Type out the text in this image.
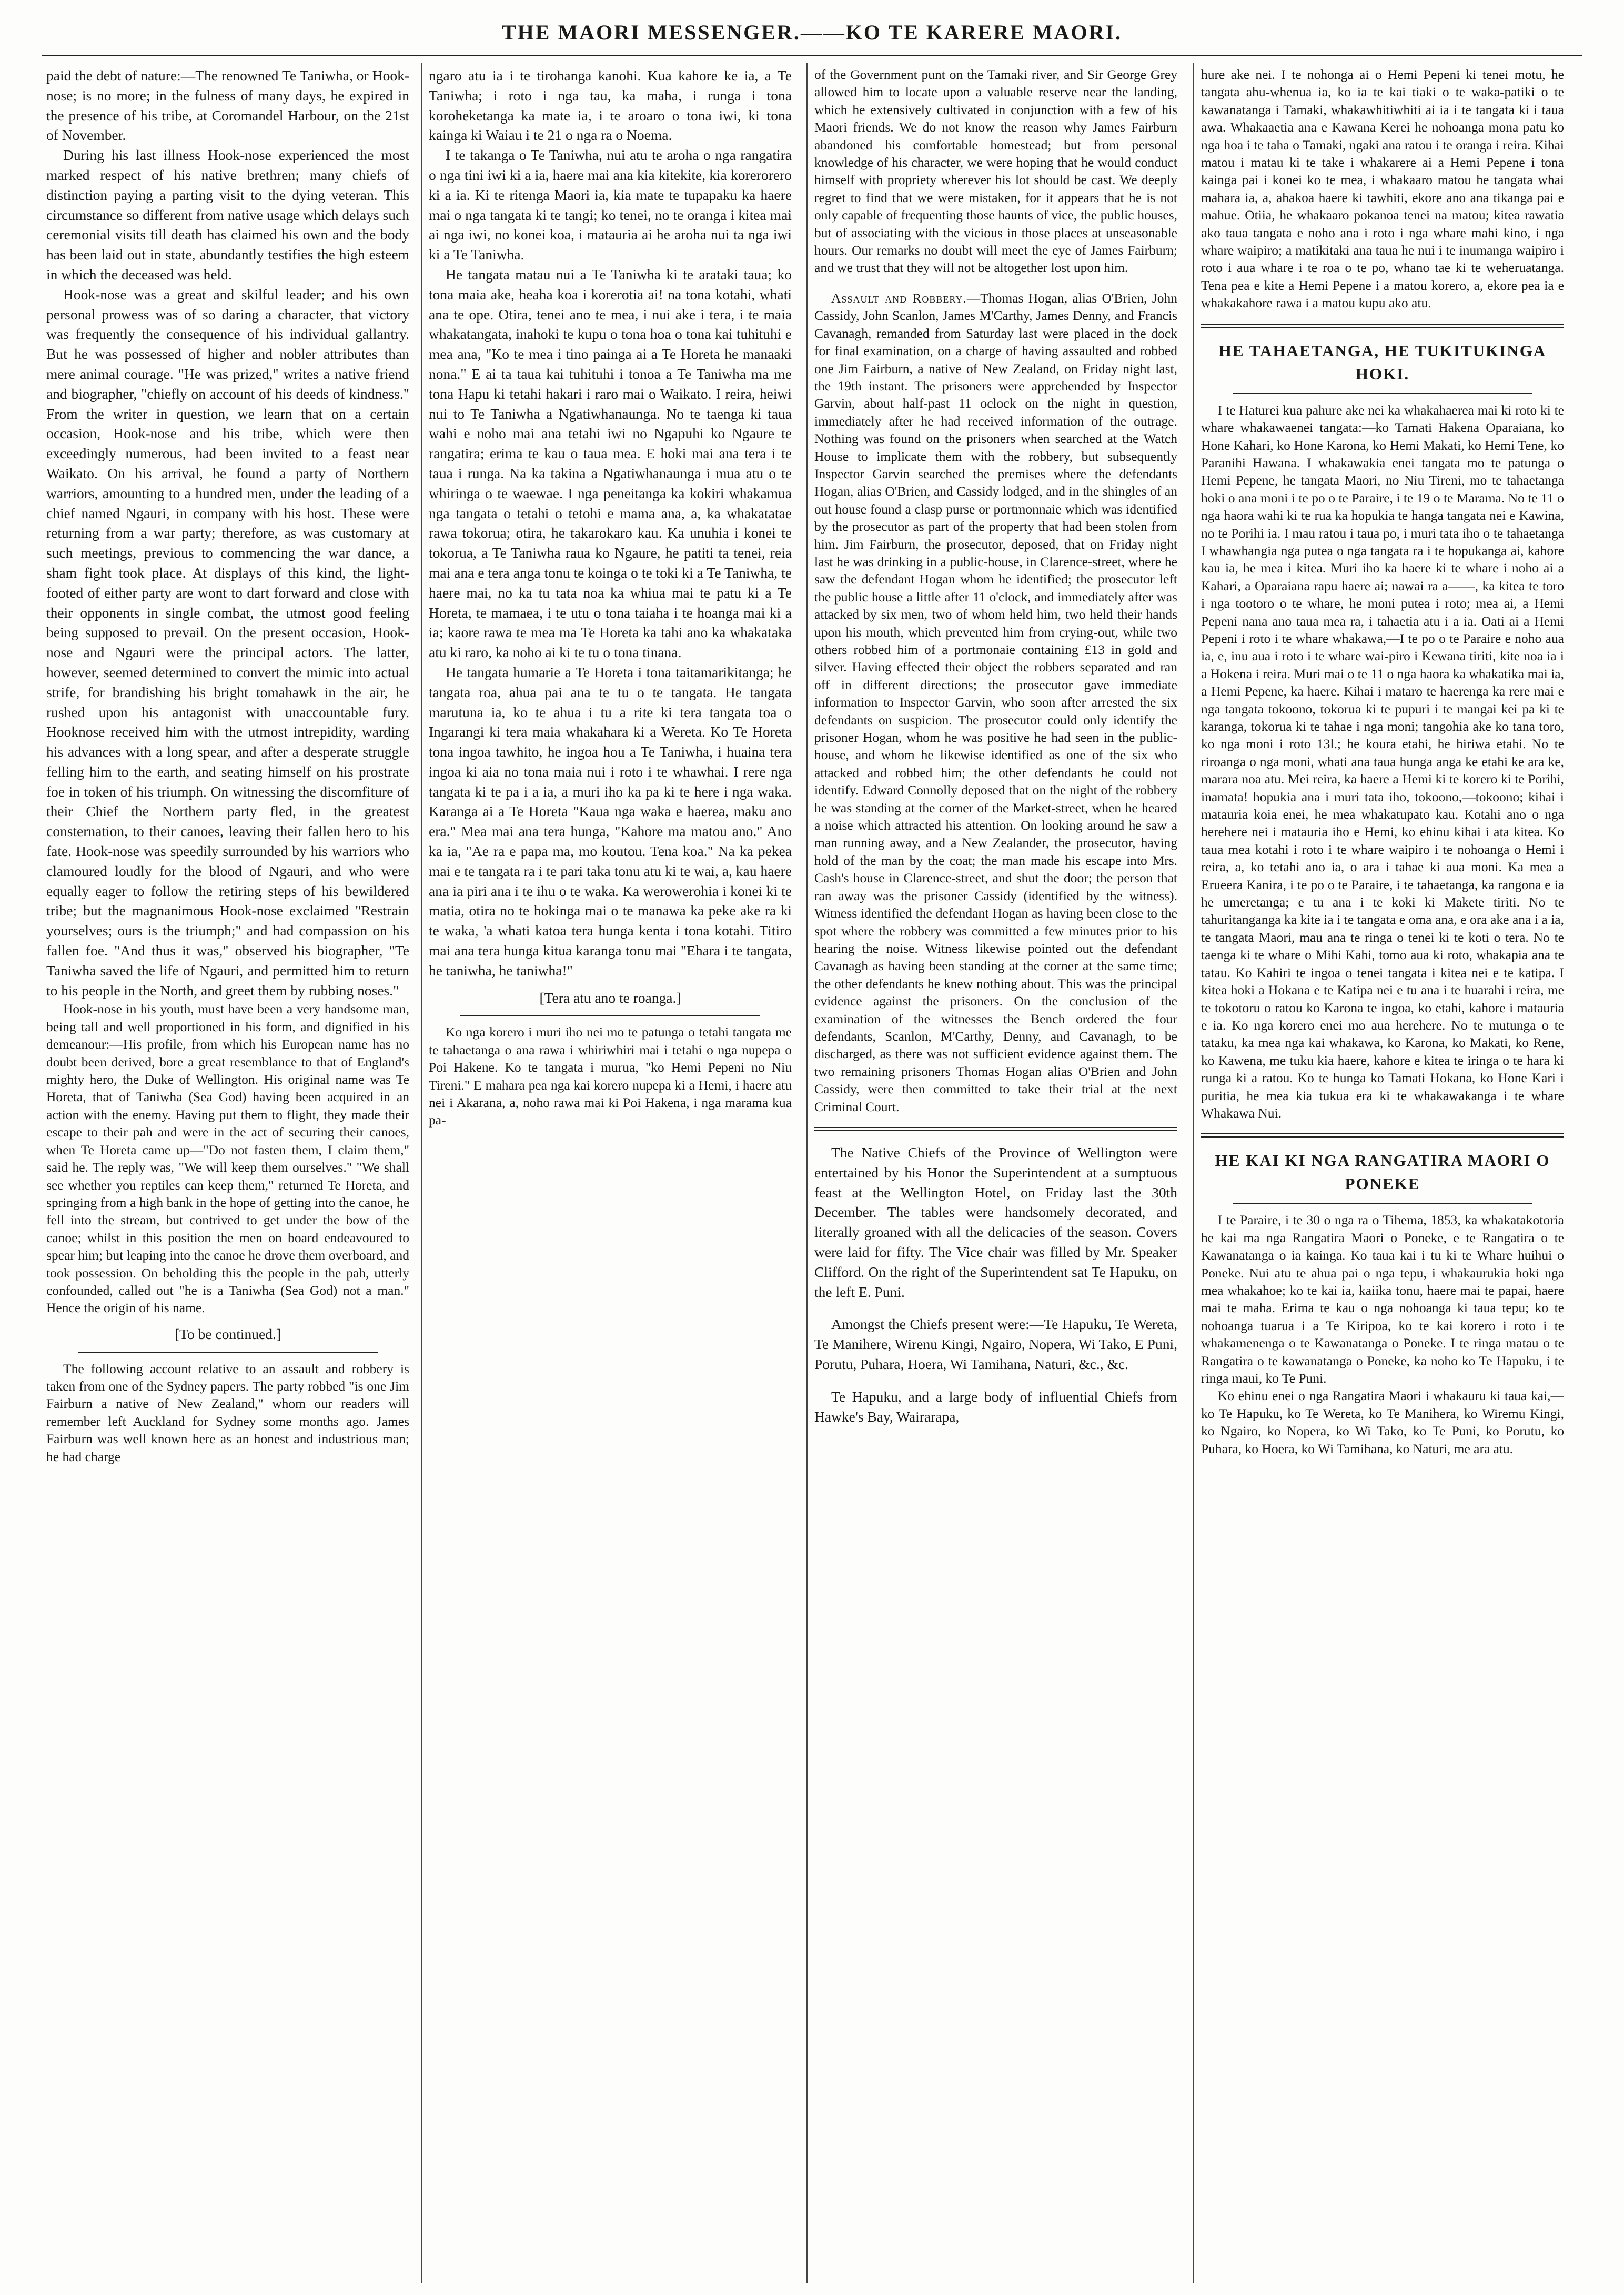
THE MAORI MESSENGER.——KO TE KARERE MAORI.

paid the debt of nature:—The renowned Te Taniwha, or Hook-nose; is no more; in the fulness of many days, he expired in the presence of his tribe, at Coromandel Harbour, on the 21st of November.

During his last illness Hook-nose experienced the most marked respect of his native brethren; many chiefs of distinction paying a parting visit to the dying veteran. This circumstance so different from native usage which delays such ceremonial visits till death has claimed his own and the body has been laid out in state, abundantly testifies the high esteem in which the deceased was held.

Hook-nose was a great and skilful leader; and his own personal prowess was of so daring a character, that victory was frequently the consequence of his individual gallantry. But he was possessed of higher and nobler attributes than mere animal courage. "He was prized," writes a native friend and biographer, "chiefly on account of his deeds of kindness." From the writer in question, we learn that on a certain occasion, Hook-nose and his tribe, which were then exceedingly numerous, had been invited to a feast near Waikato. On his arrival, he found a party of Northern warriors, amounting to a hundred men, under the leading of a chief named Ngauri, in company with his host. These were returning from a war party; therefore, as was customary at such meetings, previous to commencing the war dance, a sham fight took place. At displays of this kind, the light-footed of either party are wont to dart forward and close with their opponents in single combat, the utmost good feeling being supposed to prevail. On the present occasion, Hook-nose and Ngauri were the principal actors. The latter, however, seemed determined to convert the mimic into actual strife, for brandishing his bright tomahawk in the air, he rushed upon his antagonist with unaccountable fury. Hooknose received him with the utmost intrepidity, warding his advances with a long spear, and after a desperate struggle felling him to the earth, and seating himself on his prostrate foe in token of his triumph. On witnessing the discomfiture of their Chief the Northern party fled, in the greatest consternation, to their canoes, leaving their fallen hero to his fate. Hook-nose was speedily surrounded by his warriors who clamoured loudly for the blood of Ngauri, and who were equally eager to follow the retiring steps of his bewildered tribe; but the magnanimous Hook-nose exclaimed "Restrain yourselves; ours is the triumph;" and had compassion on his fallen foe. "And thus it was," observed his biographer, "Te Taniwha saved the life of Ngauri, and permitted him to return to his people in the North, and greet them by rubbing noses."

Hook-nose in his youth, must have been a very handsome man, being tall and well proportioned in his form, and dignified in his demeanour:—His profile, from which his European name has no doubt been derived, bore a great resemblance to that of England's mighty hero, the Duke of Wellington. His original name was Te Horeta, that of Taniwha (Sea God) having been acquired in an action with the enemy. Having put them to flight, they made their escape to their pah and were in the act of securing their canoes, when Te Horeta came up—"Do not fasten them, I claim them," said he. The reply was, "We will keep them ourselves." "We shall see whether you reptiles can keep them," returned Te Horeta, and springing from a high bank in the hope of getting into the canoe, he fell into the stream, but contrived to get under the bow of the canoe; whilst in this position the men on board endeavoured to spear him; but leaping into the canoe he drove them overboard, and took possession. On beholding this the people in the pah, utterly confounded, called out "he is a Taniwha (Sea God) not a man." Hence the origin of his name.

[To be continued.]

The following account relative to an assault and robbery is taken from one of the Sydney papers. The party robbed "is one Jim Fairburn a native of New Zealand," whom our readers will remember left Auckland for Sydney some months ago. James Fairburn was well known here as an honest and industrious man; he had charge

ngaro atu ia i te tirohanga kanohi. Kua kahore ke ia, a Te Taniwha; i roto i nga tau, ka maha, i runga i tona koroheketanga ka mate ia, i te aroaro o tona iwi, ki tona kainga ki Waiau i te 21 o nga ra o Noema.

I te takanga o Te Taniwha, nui atu te aroha o nga rangatira o nga tini iwi ki a ia, haere mai ana kia kitekite, kia korerorero ki a ia. Ki te ritenga Maori ia, kia mate te tupapaku ka haere mai o nga tangata ki te tangi; ko tenei, no te oranga i kitea mai ai nga iwi, no konei koa, i matauria ai he aroha nui ta nga iwi ki a Te Taniwha.

He tangata matau nui a Te Taniwha ki te arataki taua; ko tona maia ake, heaha koa i korerotia ai! na tona kotahi, whati ana te ope. Otira, tenei ano te mea, i nui ake i tera, i te maia whakatangata, inahoki te kupu o tona hoa o tona kai tuhituhi e mea ana, "Ko te mea i tino painga ai a Te Horeta he manaaki nona." E ai ta taua kai tuhituhi i tonoa a Te Taniwha ma me tona Hapu ki tetahi hakari i raro mai o Waikato. I reira, heiwi nui to Te Taniwha a Ngatiwhanaunga. No te taenga ki taua wahi e noho mai ana tetahi iwi no Ngapuhi ko Ngaure te rangatira; erima te kau o taua mea. E hoki mai ana tera i te taua i runga. Na ka takina a Ngatiwhanaunga i mua atu o te whiringa o te waewae. I nga peneitanga ka kokiri whakamua nga tangata o tetahi o tetohi e mama ana, a, ka whakatatae rawa tokorua; otira, he takarokaro kau. Ka unuhia i konei te tokorua, a Te Taniwha raua ko Ngaure, he patiti ta tenei, reia mai ana e tera anga tonu te koinga o te toki ki a Te Taniwha, te haere mai, no ka tu tata noa ka whiua mai te patu ki a Te Horeta, te mamaea, i te utu o tona taiaha i te hoanga mai ki a ia; kaore rawa te mea ma Te Horeta ka tahi ano ka whakataka atu ki raro, ka noho ai ki te tu o tona tinana.

He tangata humarie a Te Horeta i tona taitamarikitanga; he tangata roa, ahua pai ana te tu o te tangata. He tangata marutuna ia, ko te ahua i tu a rite ki tera tangata toa o Ingarangi ki tera maia whakahara ki a Wereta. Ko Te Horeta tona ingoa tawhito, he ingoa hou a Te Taniwha, i huaina tera ingoa ki aia no tona maia nui i roto i te whawhai. I rere nga tangata ki te pa i a ia, a muri iho ka pa ki te here i nga waka. Karanga ai a Te Horeta "Kaua nga waka e haerea, maku ano era." Mea mai ana tera hunga, "Kahore ma matou ano." Ano ka ia, "Ae ra e papa ma, mo koutou. Tena koa." Na ka pekea mai e te tangata ra i te pari taka tonu atu ki te wai, a, kau haere ana ia piri ana i te ihu o te waka. Ka werowerohia i konei ki te matia, otira no te hokinga mai o te manawa ka peke ake ra ki te waka, 'a whati katoa tera hunga kenta i tona kotahi. Titiro mai ana tera hunga kitua karanga tonu mai "Ehara i te tangata, he taniwha, he taniwha!"

[Tera atu ano te roanga.]

Ko nga korero i muri iho nei mo te patunga o tetahi tangata me te tahaetanga o ana rawa i whiriwhiri mai i tetahi o nga nupepa o Poi Hakene. Ko te tangata i murua, "ko Hemi Pepeni no Niu Tireni." E mahara pea nga kai korero nupepa ki a Hemi, i haere atu nei i Akarana, a, noho rawa mai ki Poi Hakena, i nga marama kua pa-

of the Government punt on the Tamaki river, and Sir George Grey allowed him to locate upon a valuable reserve near the landing, which he extensively cultivated in conjunction with a few of his Maori friends. We do not know the reason why James Fairburn abandoned his comfortable homestead; but from personal knowledge of his character, we were hoping that he would conduct himself with propriety wherever his lot should be cast. We deeply regret to find that we were mistaken, for it appears that he is not only capable of frequenting those haunts of vice, the public houses, but of associating with the vicious in those places at unseasonable hours. Our remarks no doubt will meet the eye of James Fairburn; and we trust that they will not be altogether lost upon him.

Assault and Robbery.—Thomas Hogan, alias O'Brien, John Cassidy, John Scanlon, James M'Carthy, James Denny, and Francis Cavanagh, remanded from Saturday last were placed in the dock for final examination, on a charge of having assaulted and robbed one Jim Fairburn, a native of New Zealand, on Friday night last, the 19th instant. The prisoners were apprehended by Inspector Garvin, about half-past 11 oclock on the night in question, immediately after he had received information of the outrage. Nothing was found on the prisoners when searched at the Watch House to implicate them with the robbery, but subsequently Inspector Garvin searched the premises where the defendants Hogan, alias O'Brien, and Cassidy lodged, and in the shingles of an out house found a clasp purse or portmonnaie which was identified by the prosecutor as part of the property that had been stolen from him. Jim Fairburn, the prosecutor, deposed, that on Friday night last he was drinking in a public-house, in Clarence-street, where he saw the defendant Hogan whom he identified; the prosecutor left the public house a little after 11 o'clock, and immediately after was attacked by six men, two of whom held him, two held their hands upon his mouth, which prevented him from crying-out, while two others robbed him of a portmonaie containing £13 in gold and silver. Having effected their object the robbers separated and ran off in different directions; the prosecutor gave immediate information to Inspector Garvin, who soon after arrested the six defendants on suspicion. The prosecutor could only identify the prisoner Hogan, whom he was positive he had seen in the public-house, and whom he likewise identified as one of the six who attacked and robbed him; the other defendants he could not identify. Edward Connolly deposed that on the night of the robbery he was standing at the corner of the Market-street, when he heared a noise which attracted his attention. On looking around he saw a man running away, and a New Zealander, the prosecutor, having hold of the man by the coat; the man made his escape into Mrs. Cash's house in Clarence-street, and shut the door; the person that ran away was the prisoner Cassidy (identified by the witness). Witness identified the defendant Hogan as having been close to the spot where the robbery was committed a few minutes prior to his hearing the noise. Witness likewise pointed out the defendant Cavanagh as having been standing at the corner at the same time; the other defendants he knew nothing about. This was the principal evidence against the prisoners. On the conclusion of the examination of the witnesses the Bench ordered the four defendants, Scanlon, M'Carthy, Denny, and Cavanagh, to be discharged, as there was not sufficient evidence against them. The two remaining prisoners Thomas Hogan alias O'Brien and John Cassidy, were then committed to take their trial at the next Criminal Court.

The Native Chiefs of the Province of Wellington were entertained by his Honor the Superintendent at a sumptuous feast at the Wellington Hotel, on Friday last the 30th December. The tables were handsomely decorated, and literally groaned with all the delicacies of the season. Covers were laid for fifty. The Vice chair was filled by Mr. Speaker Clifford. On the right of the Superintendent sat Te Hapuku, on the left E. Puni.

Amongst the Chiefs present were:—Te Hapuku, Te Wereta, Te Manihere, Wirenu Kingi, Ngairo, Nopera, Wi Tako, E Puni, Porutu, Puhara, Hoera, Wi Tamihana, Naturi, &c., &c.

Te Hapuku, and a large body of influential Chiefs from Hawke's Bay, Wairarapa,

hure ake nei. I te nohonga ai o Hemi Pepeni ki tenei motu, he tangata ahu-whenua ia, ko ia te kai tiaki o te waka-patiki o te kawanatanga i Tamaki, whakawhitiwhiti ai ia i te tangata ki i taua awa. Whakaaetia ana e Kawana Kerei he nohoanga mona patu ko nga hoa i te taha o Tamaki, ngaki ana ratou i te oranga i reira. Kihai matou i matau ki te take i whakarere ai a Hemi Pepene i tona kainga pai i konei ko te mea, i whakaaro matou he tangata whai mahara ia, a, ahakoa haere ki tawhiti, ekore ano ana tikanga pai e mahue. Otiia, he whakaaro pokanoa tenei na matou; kitea rawatia ako taua tangata e noho ana i roto i nga whare mahi kino, i nga whare waipiro; a matikitaki ana taua he nui i te inumanga waipiro i roto i aua whare i te roa o te po, whano tae ki te weheruatanga. Tena pea e kite a Hemi Pepene i a matou korero, a, ekore pea ia e whakakahore rawa i a matou kupu ako atu.

HE TAHAETANGA, HE TUKITUKINGA HOKI.

I te Haturei kua pahure ake nei ka whakahaerea mai ki roto ki te whare whakawaenei tangata:—ko Tamati Hakena Oparaiana, ko Hone Kahari, ko Hone Karona, ko Hemi Makati, ko Hemi Tene, ko Paranihi Hawana. I whakawakia enei tangata mo te patunga o Hemi Pepene, he tangata Maori, no Niu Tireni, mo te tahaetanga hoki o ana moni i te po o te Paraire, i te 19 o te Marama. No te 11 o nga haora wahi ki te rua ka hopukia te hanga tangata nei e Kawina, no te Porihi ia. I mau ratou i taua po, i muri tata iho o te tahaetanga I whawhangia nga putea o nga tangata ra i te hopukanga ai, kahore kau ia, he mea i kitea. Muri iho ka haere ki te whare i noho ai a Kahari, a Oparaiana rapu haere ai; nawai ra a——, ka kitea te toro i nga tootoro o te whare, he moni putea i roto; mea ai, a Hemi Pepeni nana ano taua mea ra, i tahaetia atu i a ia. Oati ai a Hemi Pepeni i roto i te whare whakawa,—I te po o te Paraire e noho aua ia, e, inu aua i roto i te whare wai-piro i Kewana tiriti, kite noa ia i a Hokena i reira. Muri mai o te 11 o nga haora ka whakatika mai ia, a Hemi Pepene, ka haere. Kihai i mataro te haerenga ka rere mai e nga tangata tokoono, tokorua ki te pupuri i te mangai kei pa ki te karanga, tokorua ki te tahae i nga moni; tangohia ake ko tana toro, ko nga moni i roto 13l.; he koura etahi, he hiriwa etahi. No te riroanga o nga moni, whati ana taua hunga anga ke etahi ke ara ke, marara noa atu. Mei reira, ka haere a Hemi ki te korero ki te Porihi, inamata! hopukia ana i muri tata iho, tokoono,—tokoono; kihai i matauria koia enei, he mea whakatupato kau. Kotahi ano o nga herehere nei i matauria iho e Hemi, ko ehinu kihai i ata kitea. Ko taua mea kotahi i roto i te whare waipiro i te nohoanga o Hemi i reira, a, ko tetahi ano ia, o ara i tahae ki aua moni. Ka mea a Erueera Kanira, i te po o te Paraire, i te tahaetanga, ka rangona e ia he umeretanga; e tu ana i te koki ki Makete tiriti. No te tahuritanganga ka kite ia i te tangata e oma ana, e ora ake ana i a ia, te tangata Maori, mau ana te ringa o tenei ki te koti o tera. No te taenga ki te whare o Mihi Kahi, tomo aua ki roto, whakapia ana te tatau. Ko Kahiri te ingoa o tenei tangata i kitea nei e te katipa. I kitea hoki a Hokana e te Katipa nei e tu ana i te huarahi i reira, me te tokotoru o ratou ko Karona te ingoa, ko etahi, kahore i matauria e ia. Ko nga korero enei mo aua herehere. No te mutunga o te tataku, ka mea nga kai whakawa, ko Karona, ko Makati, ko Rene, ko Kawena, me tuku kia haere, kahore e kitea te iringa o te hara ki runga ki a ratou. Ko te hunga ko Tamati Hokana, ko Hone Kari i puritia, he mea kia tukua era ki te whakawakanga i te whare Whakawa Nui.

HE KAI KI NGA RANGATIRA MAORI O PONEKE

I te Paraire, i te 30 o nga ra o Tihema, 1853, ka whakatakotoria he kai ma nga Rangatira Maori o Poneke, e te Rangatira o te Kawanatanga o ia kainga. Ko taua kai i tu ki te Whare huihui o Poneke. Nui atu te ahua pai o nga tepu, i whakaurukia hoki nga mea whakahoe; ko te kai ia, kaiika tonu, haere mai te papai, haere mai te maha. Erima te kau o nga nohoanga ki taua tepu; ko te nohoanga tuarua i a Te Kiripoa, ko te kai korero i roto i te whakamenenga o te Kawanatanga o Poneke. I te ringa matau o te Rangatira o te kawanatanga o Poneke, ka noho ko Te Hapuku, i te ringa maui, ko Te Puni.

Ko ehinu enei o nga Rangatira Maori i whakauru ki taua kai,—ko Te Hapuku, ko Te Wereta, ko Te Manihera, ko Wiremu Kingi, ko Ngairo, ko Nopera, ko Wi Tako, ko Te Puni, ko Porutu, ko Puhara, ko Hoera, ko Wi Tamihana, ko Naturi, me ara atu.
